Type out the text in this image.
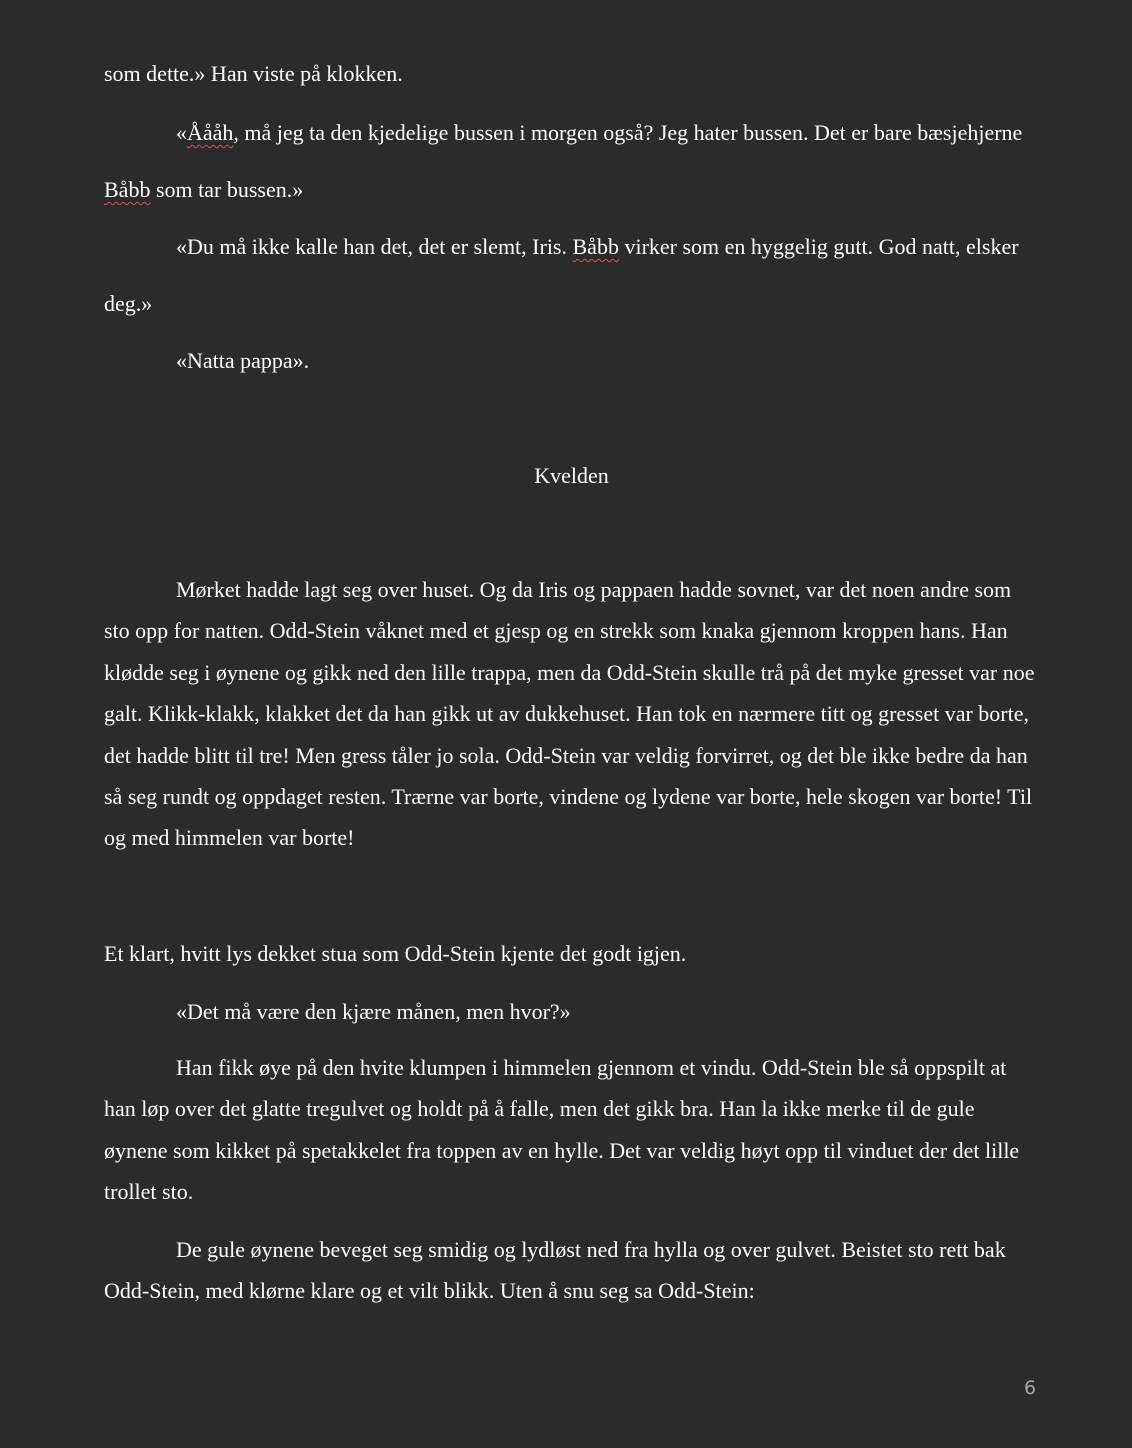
som dette.» Han viste på klokken.

«Åååh, må jeg ta den kjedelige bussen i morgen også? Jeg hater bussen. Det er bare bæsjehjerne Båbb som tar bussen.»

«Du må ikke kalle han det, det er slemt, Iris. Båbb virker som en hyggelig gutt. God natt, elsker deg.»

«Natta pappa».

Kvelden

Mørket hadde lagt seg over huset. Og da Iris og pappaen hadde sovnet, var det noen andre som sto opp for natten. Odd-Stein våknet med et gjesp og en strekk som knaka gjennom kroppen hans. Han klødde seg i øynene og gikk ned den lille trappa, men da Odd-Stein skulle trå på det myke gresset var noe galt. Klikk-klakk, klakket det da han gikk ut av dukkehuset. Han tok en nærmere titt og gresset var borte, det hadde blitt til tre! Men gress tåler jo sola. Odd-Stein var veldig forvirret, og det ble ikke bedre da han så seg rundt og oppdaget resten. Trærne var borte, vindene og lydene var borte, hele skogen var borte! Til og med himmelen var borte!

Et klart, hvitt lys dekket stua som Odd-Stein kjente det godt igjen.

«Det må være den kjære månen, men hvor?»

Han fikk øye på den hvite klumpen i himmelen gjennom et vindu. Odd-Stein ble så oppspilt at han løp over det glatte tregulvet og holdt på å falle, men det gikk bra. Han la ikke merke til de gule øynene som kikket på spetakkelet fra toppen av en hylle. Det var veldig høyt opp til vinduet der det lille trollet sto.

De gule øynene beveget seg smidig og lydløst ned fra hylla og over gulvet. Beistet sto rett bak Odd-Stein, med klørne klare og et vilt blikk. Uten å snu seg sa Odd-Stein:

6
